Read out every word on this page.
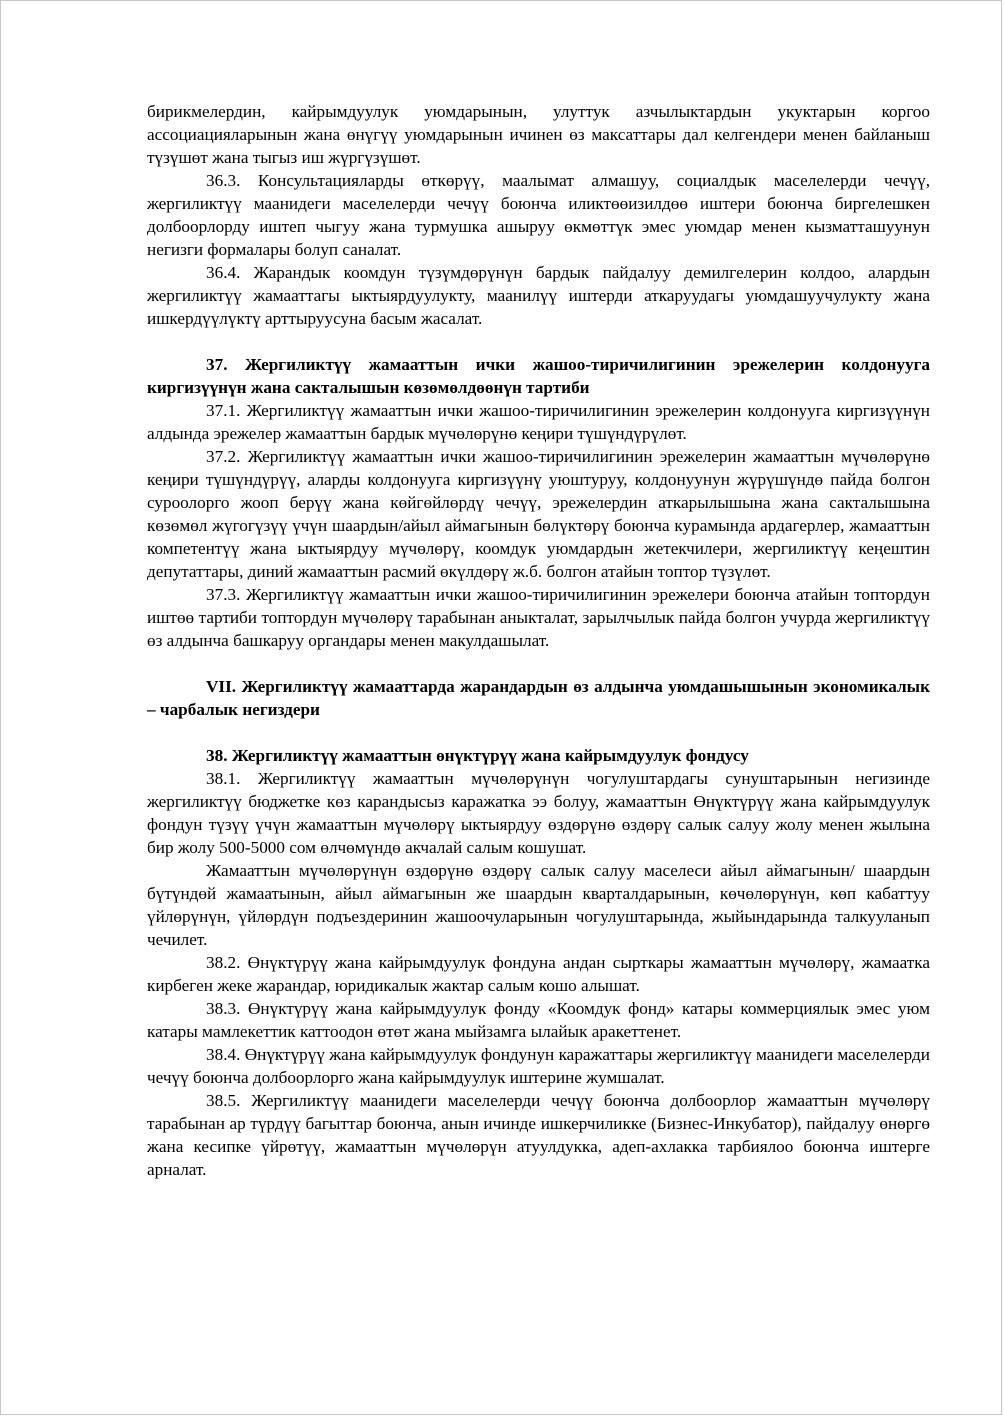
бирикмелердин, кайрымдуулук уюмдарынын, улуттук азчылыктардын укуктарын коргоо ассоциацияларынын жана өнүгүү уюмдарынын ичинен өз максаттары дал келгендери менен байланыш түзүшөт жана тыгыз иш жүргүзүшөт.

36.3. Консультацияларды өткөрүү, маалымат алмашуу, социалдык маселелерди чечүү, жергиликтүү маанидеги маселелерди чечүү боюнча иликтөөизилдөө иштери боюнча биргелешкен долбоорлорду иштеп чыгуу жана турмушка ашыруу өкмөттүк эмес уюмдар менен кызматташуунун негизги формалары болуп саналат.

36.4. Жарандык коомдун түзүмдөрүнүн бардык пайдалуу демилгелерин колдоо, алардын жергиликтүү жамааттагы ыктыярдуулукту, маанилүү иштерди аткаруудагы уюмдашуучулукту жана ишкердүүлүктү арттыруусуна басым жасалат.

37. Жергиликтүү жамааттын ички жашоо-тиричилигинин эрежелерин колдонууга киргизүүнүн жана сакталышын көзөмөлдөөнүн тартиби

37.1. Жергиликтүү жамааттын ички жашоо-тиричилигинин эрежелерин колдонууга киргизүүнүн алдында эрежелер жамааттын бардык мүчөлөрүнө кеңири түшүндүрүлөт.

37.2. Жергиликтүү жамааттын ички жашоо-тиричилигинин эрежелерин жамааттын мүчөлөрүнө кеңири түшүндүрүү, аларды колдонууга киргизүүнү уюштуруу, колдонуунун жүрүшүндө пайда болгон суроолорго жооп берүү жана көйгөйлөрдү чечүү, эрежелердин аткарылышына жана сакталышына көзөмөл жүгогүзүү үчүн шаардын/айыл аймагынын бөлүктөрү боюнча курамында ардагерлер, жамааттын компетентүү жана ыктыярдуу мүчөлөрү, коомдук уюмдардын жетекчилери, жергиликтүү кеңештин депутаттары, диний жамааттын расмий өкүлдөрү ж.б. болгон атайын топтор түзүлөт.

37.3. Жергиликтүү жамааттын ички жашоо-тиричилигинин эрежелери боюнча атайын топтордун иштөө тартиби топтордун мүчөлөрү тарабынан аныкталат, зарылчылык пайда болгон учурда жергиликтүү өз алдынча башкаруу органдары менен макулдашылат.

VII. Жергиликтүү жамааттарда жарандардын өз алдынча уюмдашышынын экономикалык – чарбалык негиздери

38. Жергиликтүү жамааттын өнүктүрүү жана кайрымдуулук фондусу

38.1. Жергиликтүү жамааттын мүчөлөрүнүн чогулуштардагы сунуштарынын негизинде жергиликтүү бюджетке көз карандысыз каражатка ээ болуу, жамааттын Өнүктүрүү жана кайрымдуулук фондун түзүү үчүн жамааттын мүчөлөрү ыктыярдуу өздөрүнө өздөрү салык салуу жолу менен жылына бир жолу 500-5000 сом өлчөмүндө акчалай салым кошушат.

Жамааттын мүчөлөрүнүн өздөрүнө өздөрү салык салуу маселеси айыл аймагынын/ шаардын бүтүндөй жамаатынын, айыл аймагынын же шаардын кварталдарынын, көчөлөрүнүн, көп кабаттуу үйлөрүнүн, үйлөрдүн подъездеринин жашоочуларынын чогулуштарында, жыйындарында талкууланып чечилет.

38.2. Өнүктүрүү жана кайрымдуулук фондуна андан сырткары жамааттын мүчөлөрү, жамаатка кирбеген жеке жарандар, юридикалык жактар салым кошо алышат.

38.3. Өнүктүрүү жана кайрымдуулук фонду «Коомдук фонд» катары коммерциялык эмес уюм катары мамлекеттик каттоодон өтөт жана мыйзамга ылайык аракеттенет.

38.4. Өнүктүрүү жана кайрымдуулук фондунун каражаттары жергиликтүү маанидеги маселелерди чечүү боюнча долбоорлорго жана кайрымдуулук иштерине жумшалат.

38.5. Жергиликтүү маанидеги маселелерди чечүү боюнча долбоорлор жамааттын мүчөлөрү тарабынан ар түрдүү багыттар боюнча, анын ичинде ишкерчиликке (Бизнес-Инкубатор), пайдалуу өнөргө жана кесипке үйрөтүү, жамааттын мүчөлөрүн атуулдукка, адеп-ахлакка тарбиялоо боюнча иштерге арналат.
